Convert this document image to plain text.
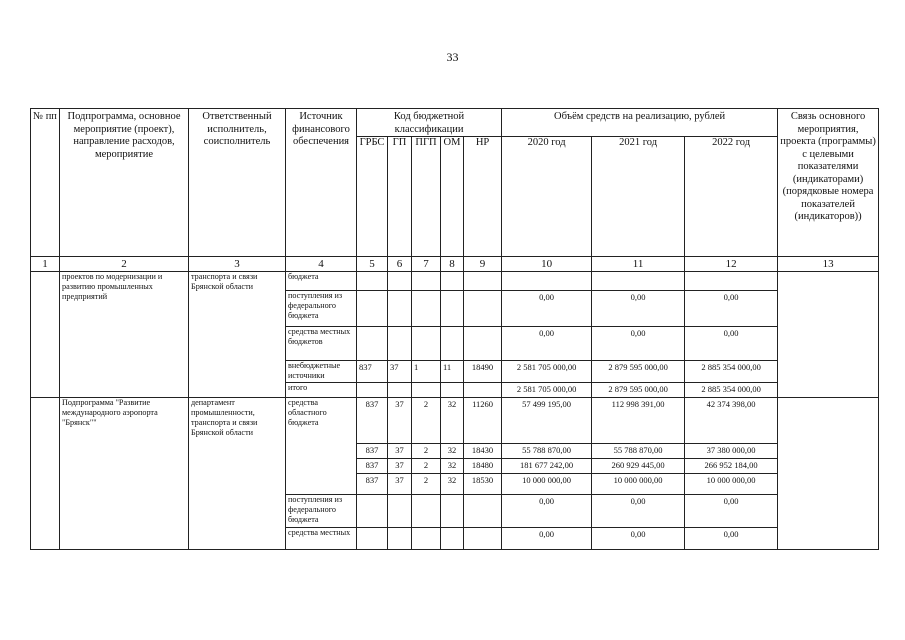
33
№ пп	Подпрограмма, основное мероприятие (проект), направление расходов, мероприятие	Ответственный исполнитель, соисполнитель	Источник финансового обеспечения	Код бюджетной классификации					Объём средств на реализацию, рублей			Связь основного мероприятия, проекта (программы) с целевыми показателями (индикаторами) (порядковые номера показателей (индикаторов))
				ГРБС	ГП	ПГП	ОМ	НР	2020 год	2021 год	2022 год	
1	2	3	4	5	6	7	8	9	10	11	12	13
	проектов по модернизации и развитию промышленных предприятий	транспорта и связи Брянской области	бюджета									
			поступления из федерального бюджета						0,00	0,00	0,00	
			средства местных бюджетов						0,00	0,00	0,00	
			внебюджетные источники	837	37	1	11	18490	2 581 705 000,00	2 879 595 000,00	2 885 354 000,00	
			итого						2 581 705 000,00	2 879 595 000,00	2 885 354 000,00	
	Подпрограмма "Развитие международного аэропорта "Брянск""	департамент промышленности, транспорта и связи Брянской области	средства областного бюджета	837	37	2	32	11260	57 499 195,00	112 998 391,00	42 374 398,00	
				837	37	2	32	18430	55 788 870,00	55 788 870,00	37 380 000,00	
				837	37	2	32	18480	181 677 242,00	260 929 445,00	266 952 184,00	
				837	37	2	32	18530	10 000 000,00	10 000 000,00	10 000 000,00	
			поступления из федерального бюджета						0,00	0,00	0,00	
			средства местных						0,00	0,00	0,00	
